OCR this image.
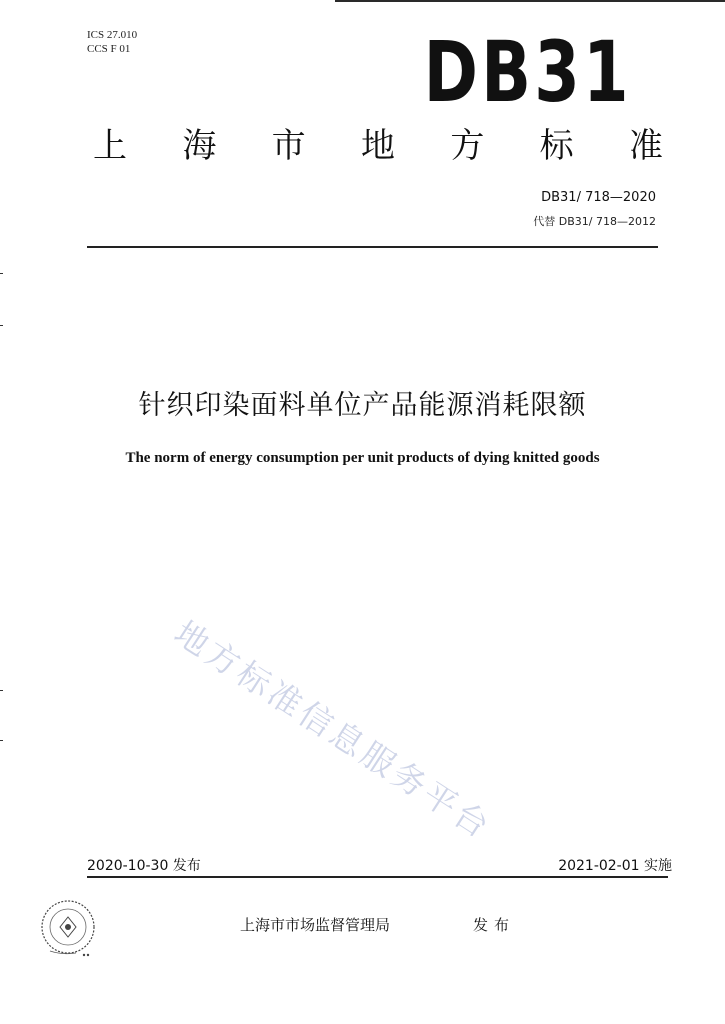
ICS 27.010
CCS F 01	DB31
上 海 市 地 方 标 准
DB31/ 718—2020
代替 DB31/ 718—2012
针织印染面料单位产品能源消耗限额
The norm of energy consumption per unit products of dying knitted goods
地方标准信息服务平台
2020-10-30 发布	2021-02-01 实施
上海市市场监督管理局	发布
